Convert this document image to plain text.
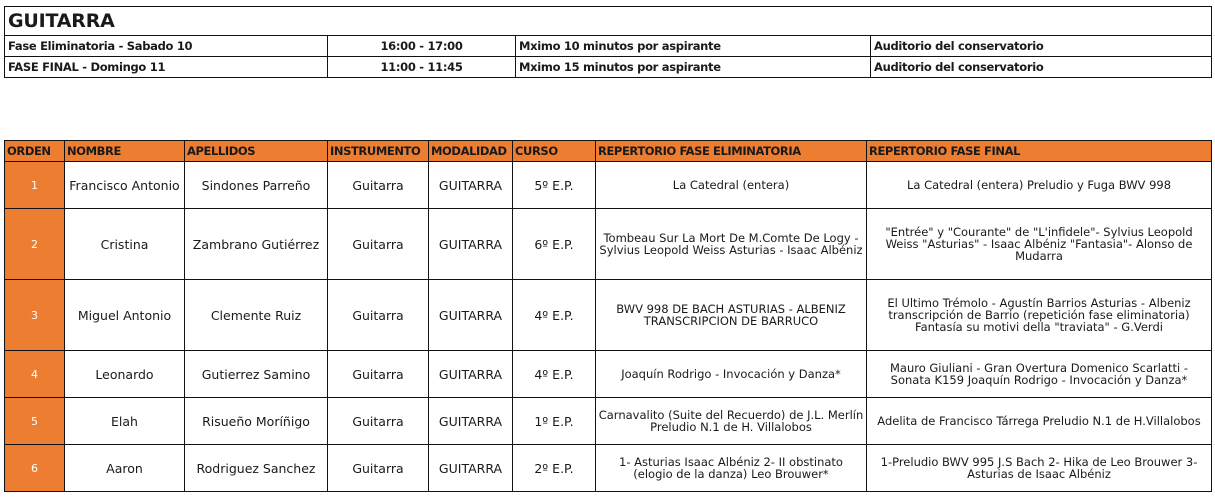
GUITARRA			
Fase Eliminatoria - Sabado 10	16:00 - 17:00	Mximo 10 minutos por aspirante	Auditorio del conservatorio
FASE FINAL - Domingo 11	11:00 - 11:45	Mximo 15 minutos por aspirante	Auditorio del conservatorio
ORDEN	NOMBRE	APELLIDOS	INSTRUMENTO	MODALIDAD	CURSO	REPERTORIO FASE ELIMINATORIA	REPERTORIO FASE FINAL
1	Francisco Antonio	Sindones Parreño	Guitarra	GUITARRA	5º E.P.	La Catedral (entera)	La Catedral (entera) Preludio y Fuga BWV 998
2	Cristina	Zambrano Gutiérrez	Guitarra	GUITARRA	6º E.P.	Tombeau Sur La Mort De M.Comte De Logy - Sylvius Leopold Weiss Asturias - Isaac Albéniz	"Entrée" y "Courante" de "L'infidele"- Sylvius Leopold Weiss "Asturias" - Isaac Albéniz "Fantasia"- Alonso de Mudarra
3	Miguel Antonio	Clemente Ruiz	Guitarra	GUITARRA	4º E.P.	BWV 998 DE BACH ASTURIAS - ALBENIZ TRANSCRIPCION DE BARRUCO	El Ultimo Trémolo - Agustín Barrios Asturias - Albeniz transcripción de Barrio (repetición fase eliminatoria) Fantasía su motivi della "traviata" - G.Verdi
4	Leonardo	Gutierrez Samino	Guitarra	GUITARRA	4º E.P.	Joaquín Rodrigo - Invocación y Danza*	Mauro Giuliani - Gran Overtura Domenico Scarlatti - Sonata K159 Joaquín Rodrigo - Invocación y Danza*
5	Elah	Risueño Moríñigo	Guitarra	GUITARRA	1º E.P.	Carnavalito (Suite del Recuerdo) de J.L. Merlín Preludio N.1 de H. Villalobos	Adelita de Francisco Tárrega Preludio N.1 de H.Villalobos
6	Aaron	Rodriguez Sanchez	Guitarra	GUITARRA	2º E.P.	1- Asturias Isaac Albéniz 2- II obstinato (elogio de la danza) Leo Brouwer*	1-Preludio BWV 995 J.S Bach 2- Hika de Leo Brouwer 3- Asturias de Isaac Albéniz
